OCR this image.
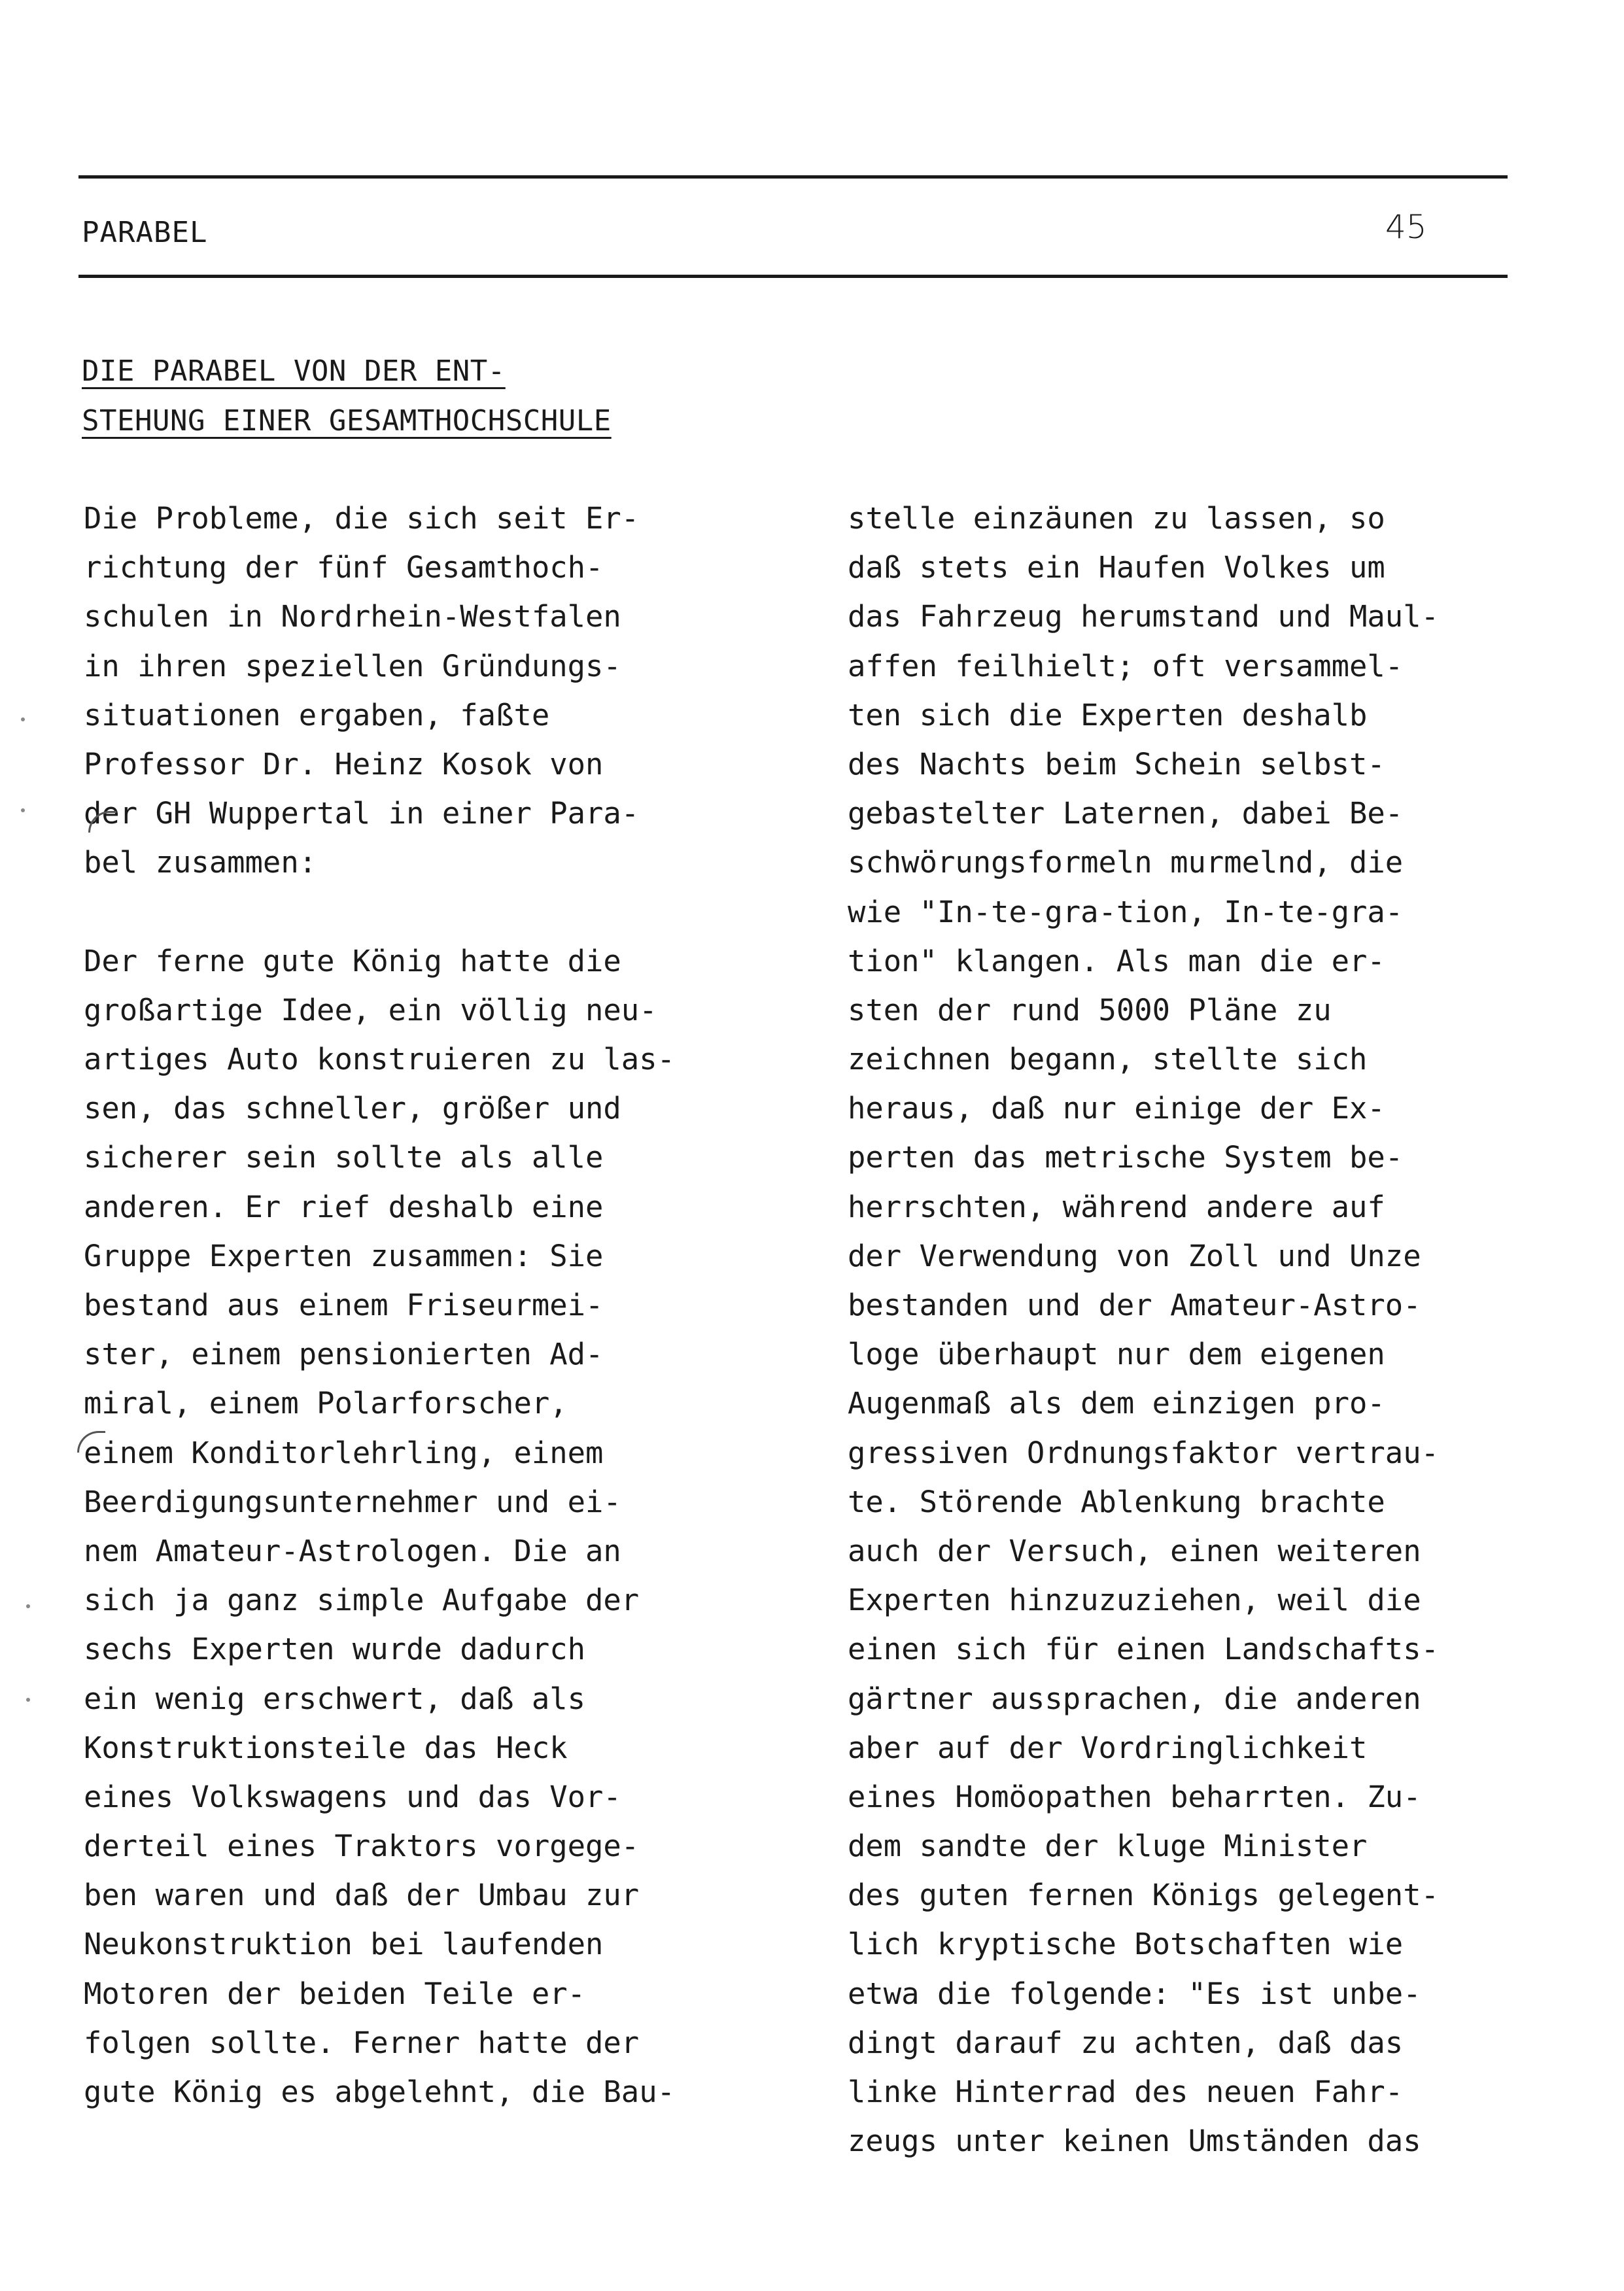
PARABEL	45
DIE PARABEL VON DER ENT-
STEHUNG EINER GESAMTHOCHSCHULE
Die Probleme, die sich seit Er-
richtung der fünf Gesamthoch-
schulen in Nordrhein-Westfalen
in ihren speziellen Gründungs-
situationen ergaben, faßte
Professor Dr. Heinz Kosok von
der GH Wuppertal in einer Para-
bel zusammen:
Der ferne gute König hatte die
großartige Idee, ein völlig neu-
artiges Auto konstruieren zu las-
sen, das schneller, größer und
sicherer sein sollte als alle
anderen. Er rief deshalb eine
Gruppe Experten zusammen: Sie
bestand aus einem Friseurmei-
ster, einem pensionierten Ad-
miral, einem Polarforscher,
einem Konditorlehrling, einem
Beerdigungsunternehmer und ei-
nem Amateur-Astrologen. Die an
sich ja ganz simple Aufgabe der
sechs Experten wurde dadurch
ein wenig erschwert, daß als
Konstruktionsteile das Heck
eines Volkswagens und das Vor-
derteil eines Traktors vorgege-
ben waren und daß der Umbau zur
Neukonstruktion bei laufenden
Motoren der beiden Teile er-
folgen sollte. Ferner hatte der
gute König es abgelehnt, die Bau-
stelle einzäunen zu lassen, so
daß stets ein Haufen Volkes um
das Fahrzeug herumstand und Maul-
affen feilhielt; oft versammel-
ten sich die Experten deshalb
des Nachts beim Schein selbst-
gebastelter Laternen, dabei Be-
schwörungsformeln murmelnd, die
wie "In-te-gra-tion, In-te-gra-
tion" klangen. Als man die er-
sten der rund 5000 Pläne zu
zeichnen begann, stellte sich
heraus, daß nur einige der Ex-
perten das metrische System be-
herrschten, während andere auf
der Verwendung von Zoll und Unze
bestanden und der Amateur-Astro-
loge überhaupt nur dem eigenen
Augenmaß als dem einzigen pro-
gressiven Ordnungsfaktor vertrau-
te. Störende Ablenkung brachte
auch der Versuch, einen weiteren
Experten hinzuzuziehen, weil die
einen sich für einen Landschafts-
gärtner aussprachen, die anderen
aber auf der Vordringlichkeit
eines Homöopathen beharrten. Zu-
dem sandte der kluge Minister
des guten fernen Königs gelegent-
lich kryptische Botschaften wie
etwa die folgende: "Es ist unbe-
dingt darauf zu achten, daß das
linke Hinterrad des neuen Fahr-
zeugs unter keinen Umständen das
